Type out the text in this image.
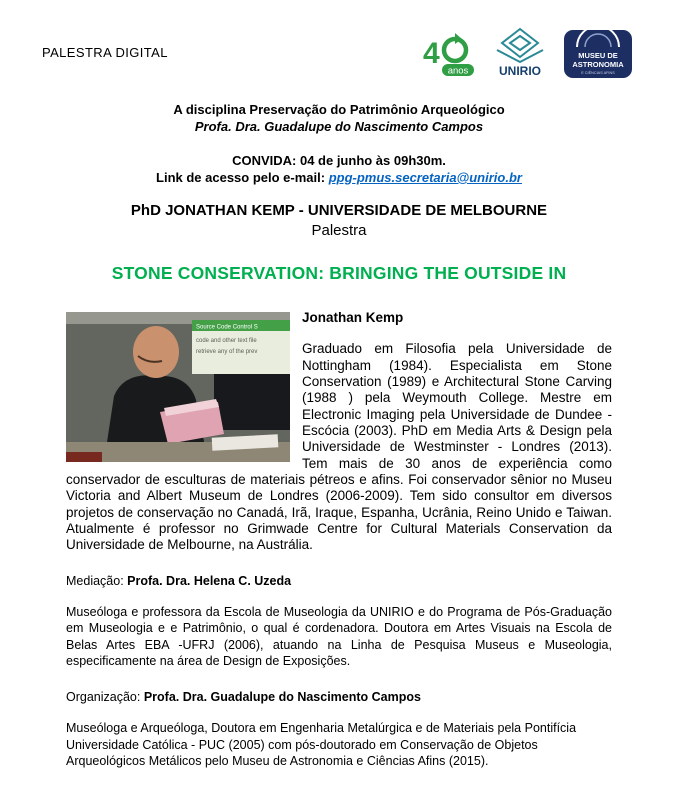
PALESTRA DIGITAL	4
anos	UNIRIO
MUSEU DE
ASTRONOMIA
E CIÊNCIAS AFINS

A disciplina Preservação do Patrimônio Arqueológico

Profa. Dra. Guadalupe do Nascimento Campos

CONVIDA: 04 de junho às 09h30m.

Link de acesso pelo e-mail: ppg-pmus.secretaria@unirio.br

PhD JONATHAN KEMP - UNIVERSIDADE DE MELBOURNE

Palestra

STONE CONSERVATION: BRINGING THE OUTSIDE IN
Source Code Control S
code and other text file
retrieve any of the prev

Jonathan Kemp

Graduado em Filosofia pela Universidade de Nottingham (1984). Especialista em Stone Conservation (1989) e Architectural Stone Carving (1988 ) pela Weymouth College. Mestre em Electronic Imaging pela Universidade de Dundee - Escócia (2003). PhD em Media Arts & Design pela Universidade de Westminster - Londres (2013). Tem mais de 30 anos de experiência como conservador de esculturas de materiais pétreos e afins. Foi conservador sênior no Museu Victoria and Albert Museum de Londres (2006-2009). Tem sido consultor em diversos projetos de conservação no Canadá, Irã, Iraque, Espanha, Ucrânia, Reino Unido e Taiwan. Atualmente é professor no Grimwade Centre for Cultural Materials Conservation da Universidade de Melbourne, na Austrália.

Mediação: Profa. Dra. Helena C. Uzeda

Museóloga e professora da Escola de Museologia da UNIRIO e do Programa de Pós-Graduação em Museologia e e Patrimônio, o qual é cordenadora. Doutora em Artes Visuais na Escola de Belas Artes EBA -UFRJ (2006), atuando na Linha de Pesquisa Museus e Museologia, especificamente na área de Design de Exposições.

Organização: Profa. Dra. Guadalupe do Nascimento Campos

Museóloga e Arqueóloga, Doutora em Engenharia Metalúrgica e de Materiais pela Pontifícia Universidade Católica - PUC (2005) com pós-doutorado em Conservação de Objetos Arqueológicos Metálicos pelo Museu de Astronomia e Ciências Afins (2015).
